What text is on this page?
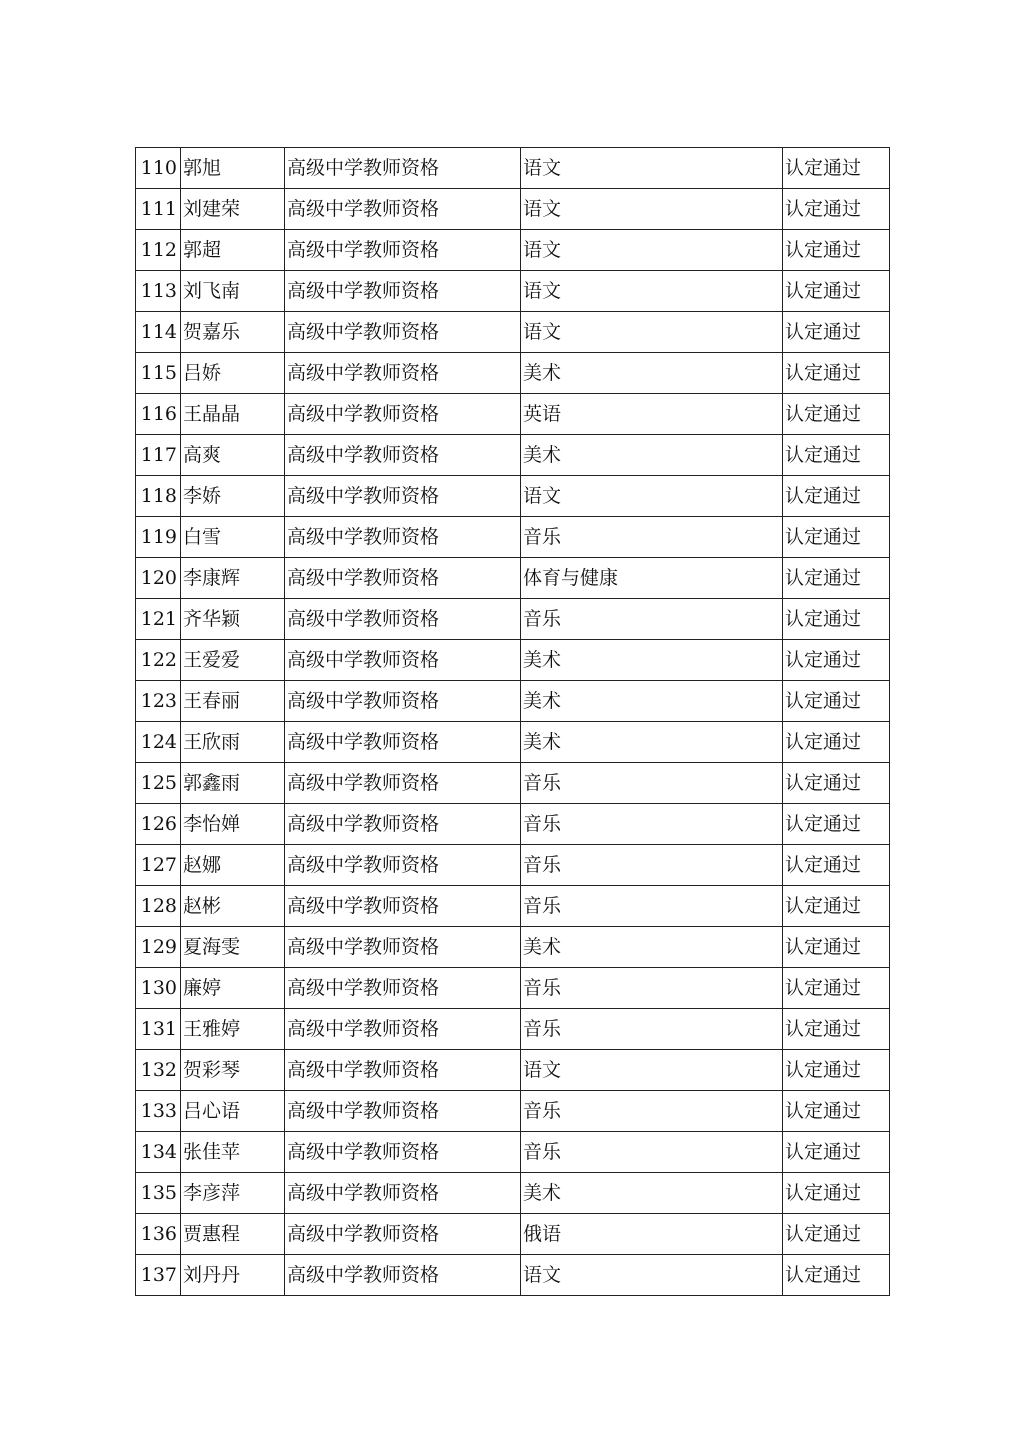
110	郭旭	高级中学教师资格	语文	认定通过
111	刘建荣	高级中学教师资格	语文	认定通过
112	郭超	高级中学教师资格	语文	认定通过
113	刘飞南	高级中学教师资格	语文	认定通过
114	贺嘉乐	高级中学教师资格	语文	认定通过
115	吕娇	高级中学教师资格	美术	认定通过
116	王晶晶	高级中学教师资格	英语	认定通过
117	高爽	高级中学教师资格	美术	认定通过
118	李娇	高级中学教师资格	语文	认定通过
119	白雪	高级中学教师资格	音乐	认定通过
120	李康辉	高级中学教师资格	体育与健康	认定通过
121	齐华颖	高级中学教师资格	音乐	认定通过
122	王爱爱	高级中学教师资格	美术	认定通过
123	王春丽	高级中学教师资格	美术	认定通过
124	王欣雨	高级中学教师资格	美术	认定通过
125	郭鑫雨	高级中学教师资格	音乐	认定通过
126	李怡婵	高级中学教师资格	音乐	认定通过
127	赵娜	高级中学教师资格	音乐	认定通过
128	赵彬	高级中学教师资格	音乐	认定通过
129	夏海雯	高级中学教师资格	美术	认定通过
130	廉婷	高级中学教师资格	音乐	认定通过
131	王雅婷	高级中学教师资格	音乐	认定通过
132	贺彩琴	高级中学教师资格	语文	认定通过
133	吕心语	高级中学教师资格	音乐	认定通过
134	张佳苹	高级中学教师资格	音乐	认定通过
135	李彦萍	高级中学教师资格	美术	认定通过
136	贾惠程	高级中学教师资格	俄语	认定通过
137	刘丹丹	高级中学教师资格	语文	认定通过
